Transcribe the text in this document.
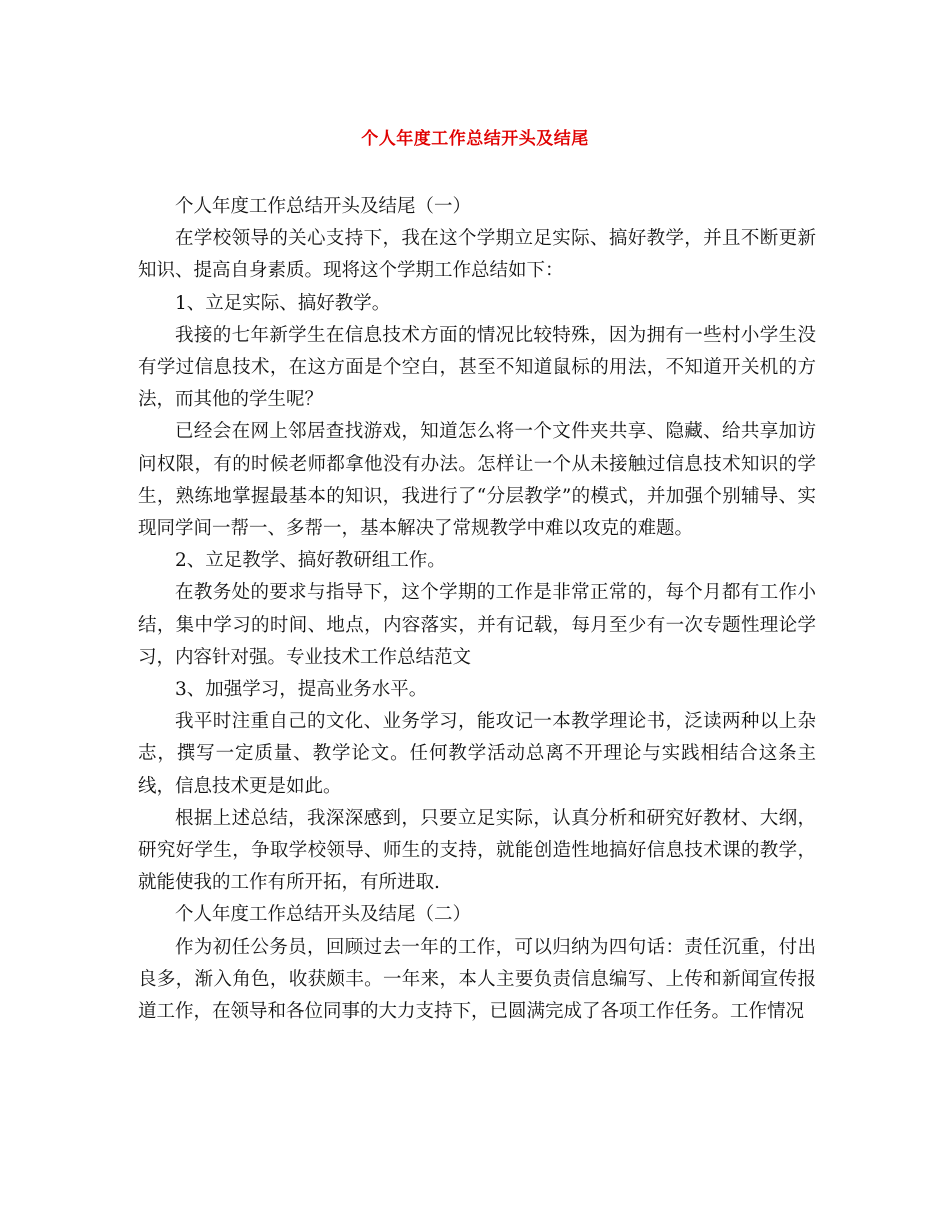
个人年度工作总结开头及结尾

个人年度工作总结开头及结尾（一）

在学校领导的关心支持下，我在这个学期立足实际、搞好教学，并且不断更新知识、提高自身素质。现将这个学期工作总结如下：

1、立足实际、搞好教学。

我接的七年新学生在信息技术方面的情况比较特殊，因为拥有一些村小学生没有学过信息技术，在这方面是个空白，甚至不知道鼠标的用法，不知道开关机的方法，而其他的学生呢？

已经会在网上邻居查找游戏，知道怎么将一个文件夹共享、隐藏、给共享加访问权限，有的时候老师都拿他没有办法。怎样让一个从未接触过信息技术知识的学生，熟练地掌握最基本的知识，我进行了“分层教学”的模式，并加强个别辅导、实现同学间一帮一、多帮一，基本解决了常规教学中难以攻克的难题。

2、立足教学、搞好教研组工作。

在教务处的要求与指导下，这个学期的工作是非常正常的，每个月都有工作小结，集中学习的时间、地点，内容落实，并有记载，每月至少有一次专题性理论学习，内容针对强。专业技术工作总结范文

3、加强学习，提高业务水平。

我平时注重自己的文化、业务学习，能攻记一本教学理论书，泛读两种以上杂志，撰写一定质量、教学论文。任何教学活动总离不开理论与实践相结合这条主线，信息技术更是如此。

根据上述总结，我深深感到，只要立足实际，认真分析和研究好教材、大纲，研究好学生，争取学校领导、师生的支持，就能创造性地搞好信息技术课的教学，就能使我的工作有所开拓，有所进取.

个人年度工作总结开头及结尾（二）

作为初任公务员，回顾过去一年的工作，可以归纳为四句话：责任沉重，付出良多，渐入角色，收获颇丰。一年来，本人主要负责信息编写、上传和新闻宣传报道工作，在领导和各位同事的大力支持下，已圆满完成了各项工作任务。工作情况
